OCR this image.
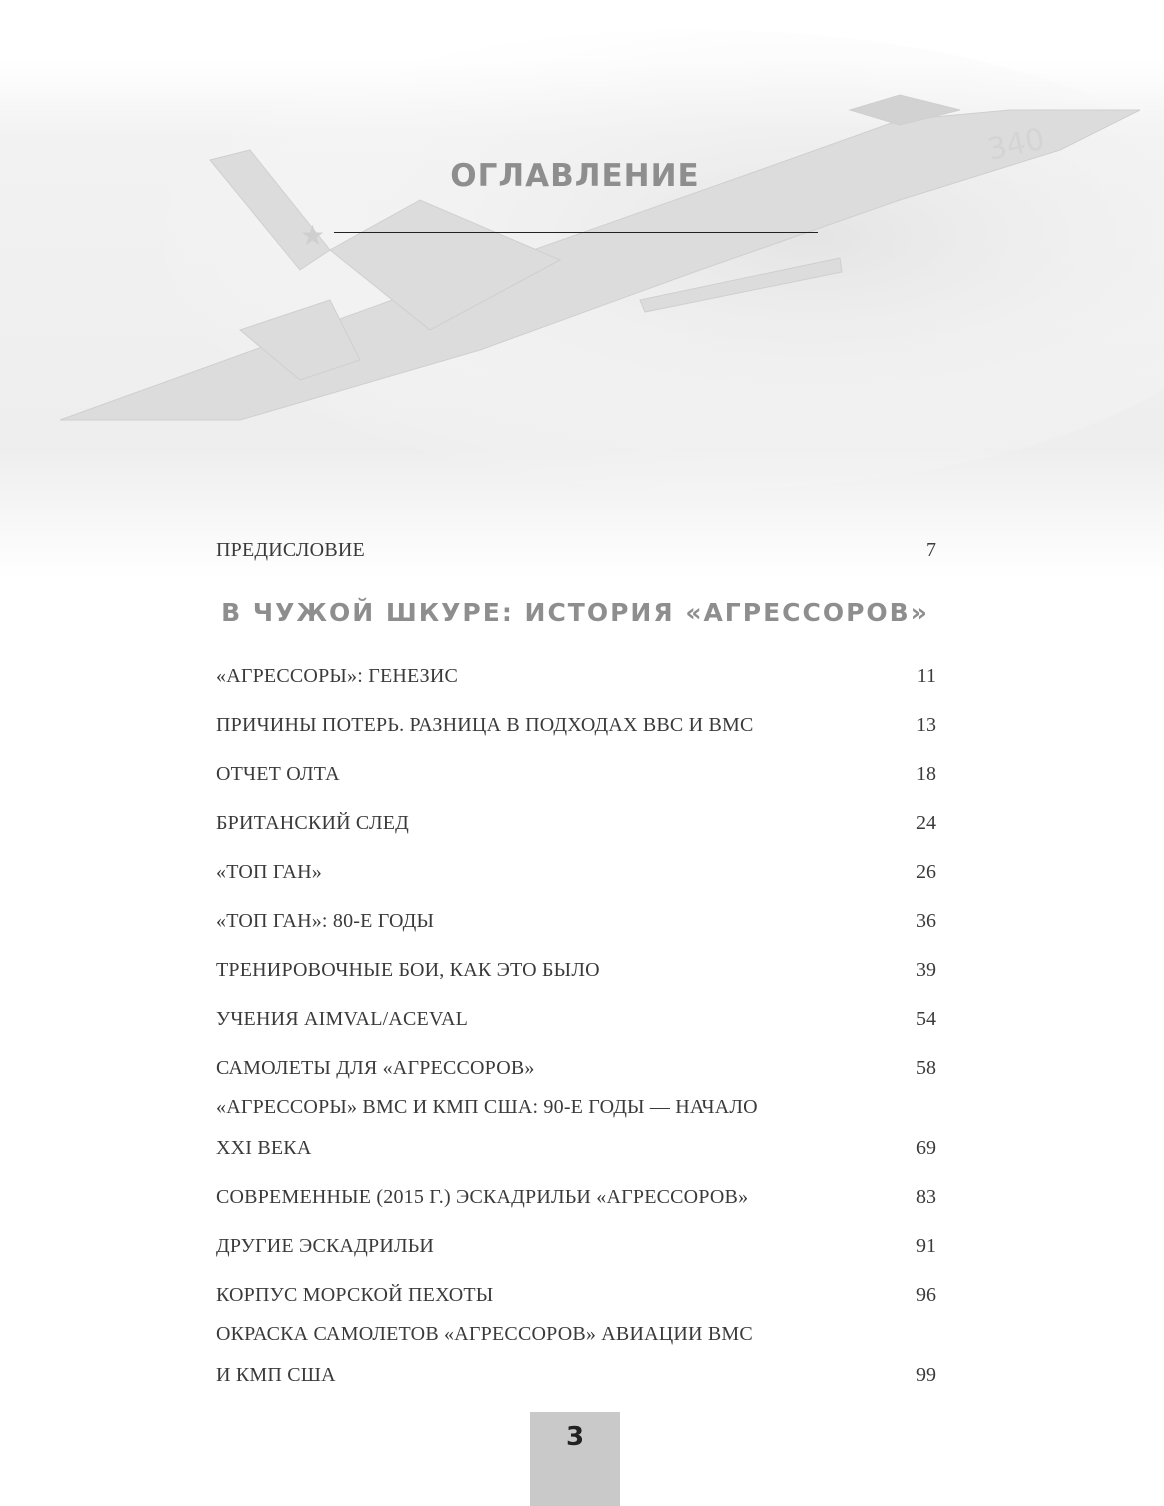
★
340
ОГЛАВЛЕНИЕ
ПРЕДИСЛОВИЕ	7
В ЧУЖОЙ ШКУРЕ: ИСТОРИЯ «АГРЕССОРОВ»
«АГРЕССОРЫ»: ГЕНЕЗИС	11
ПРИЧИНЫ ПОТЕРЬ. РАЗНИЦА В ПОДХОДАХ ВВС И ВМС	13
ОТЧЕТ ОЛТА	18
БРИТАНСКИЙ СЛЕД	24
«ТОП ГАН»	26
«ТОП ГАН»: 80-Е ГОДЫ	36
ТРЕНИРОВОЧНЫЕ БОИ, КАК ЭТО БЫЛО	39
УЧЕНИЯ AIMVAL/ACEVAL	54
САМОЛЕТЫ ДЛЯ «АГРЕССОРОВ»	58
«АГРЕССОРЫ» ВМС И КМП США: 90-Е ГОДЫ — НАЧАЛО
XXI ВЕКА	69
СОВРЕМЕННЫЕ (2015 Г.) ЭСКАДРИЛЬИ «АГРЕССОРОВ»	83
ДРУГИЕ ЭСКАДРИЛЬИ	91
КОРПУС МОРСКОЙ ПЕХОТЫ	96
ОКРАСКА САМОЛЕТОВ «АГРЕССОРОВ» АВИАЦИИ ВМС
И КМП США	99
3
